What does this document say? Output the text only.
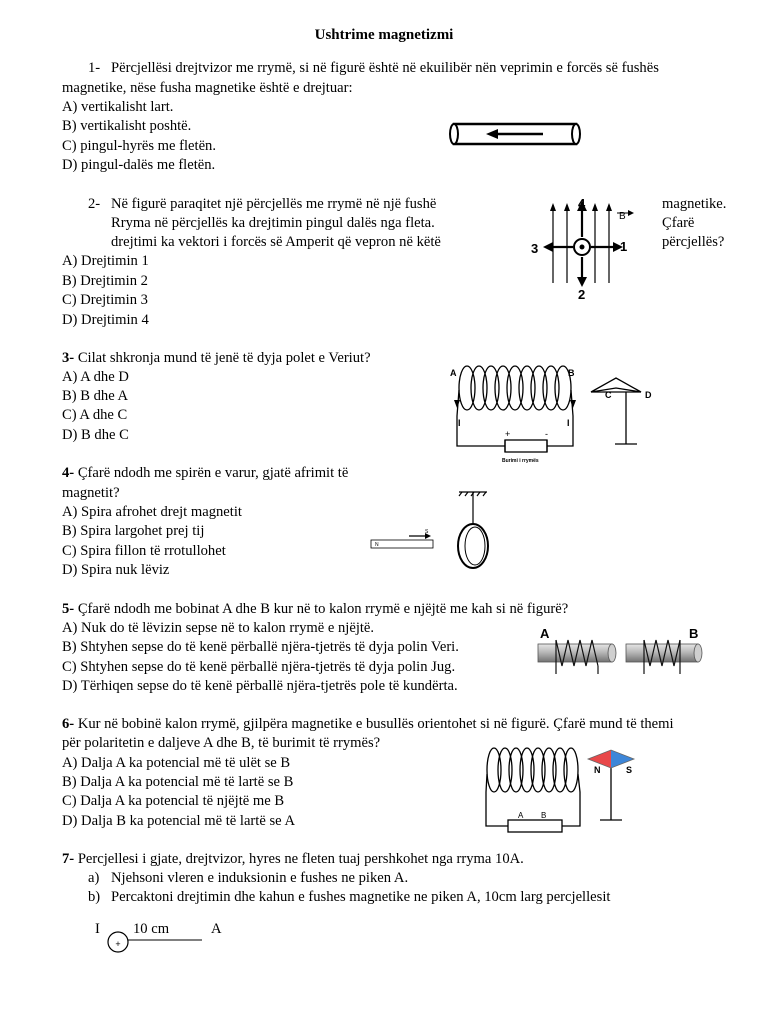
Ushtrime magnetizmi
1- Përcjellësi drejtvizor me rrymë, si në figurë është në ekuilibër nën veprimin e forcës së fushës
magnetike, nëse fusha magnetike është e drejtuar:
A) vertikalisht lart.
B) vertikalisht poshtë.
C) pingul-hyrës me fletën.
D) pingul-dalës me fletën.
2- Në figurë paraqitet një përcjellës me rrymë në një fushë	magnetike.
Rryma në përcjellës ka drejtimin pingul dalës nga fleta.	Çfarë
drejtimi ka vektori i forcës së Amperit që vepron në këtë	përcjellës?
A) Drejtimin 1
B) Drejtimin 2
C) Drejtimin 3
D) Drejtimin 4
4
3	1
2
B
3- Cilat shkronja mund të jenë të dyja polet e Veriut?
A) A dhe D
B) B dhe A
C) A dhe C
D) B dhe C
A	B
C	D
I	I
+	-
Burimi i rrymës
4- Çfarë ndodh me spirën e varur, gjatë afrimit të
magnetit?
A) Spira afrohet drejt magnetit
B) Spira largohet prej tij
C) Spira fillon të rrotullohet
D) Spira nuk lëviz
N
S
5- Çfarë ndodh me bobinat A dhe B kur në to kalon rrymë e njëjtë me kah si në figurë?
A) Nuk do të lëvizin sepse në to kalon rrymë e njëjtë.
B) Shtyhen sepse do të kenë përballë njëra-tjetrës të dyja polin Veri.
C) Shtyhen sepse do të kenë përballë njëra-tjetrës të dyja polin Jug.
D) Tërhiqen sepse do të kenë përballë njëra-tjetrës pole të kundërta.
A	B
6- Kur në bobinë kalon rrymë, gjilpëra magnetike e busullës orientohet si në figurë. Çfarë mund të themi
për polaritetin e daljeve A dhe B, të burimit të rrymës?
A) Dalja A ka potencial më të ulët se B
B) Dalja A ka potencial më të lartë se B
C) Dalja A ka potencial të njëjtë me B
D) Dalja B ka potencial më të lartë se A
N	S
A B
7- Percjellesi i gjate, drejtvizor, hyres ne fleten tuaj pershkohet nga rryma 10A.
a) Njehsoni vleren e induksionin e fushes ne piken A.
b) Percaktoni drejtimin dhe kahun e fushes magnetike ne piken A, 10cm larg percjellesit
I 10 cm	A
+
